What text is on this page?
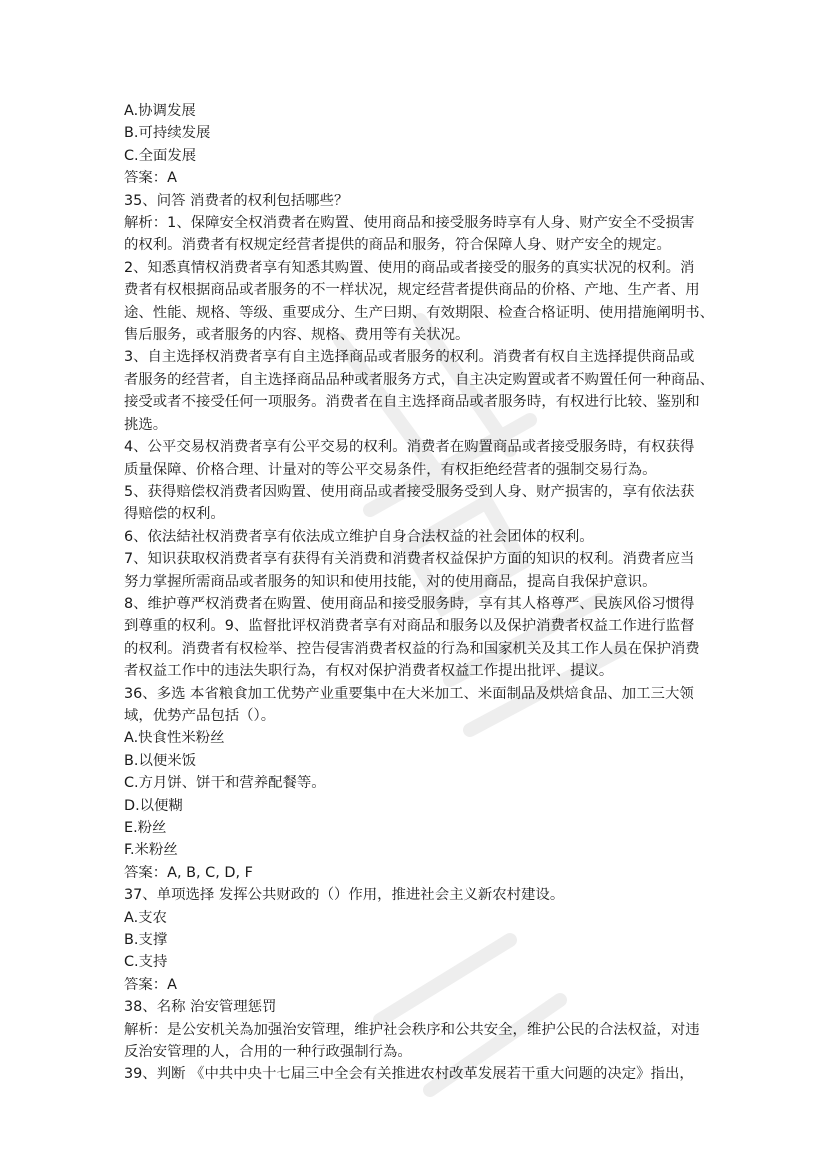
A.协调发展
B.可持续发展
C.全面发展
答案：A
35、问答 消费者的权利包括哪些？
解析：1、保障安全权消费者在购置、使用商品和接受服务時享有人身、财产安全不受损害
的权利。消费者有权规定经营者提供的商品和服务，符合保障人身、财产安全的规定。
2、知悉真情权消费者享有知悉其购置、使用的商品或者接受的服务的真实状况的权利。消
费者有权根据商品或者服务的不一样状况，规定经营者提供商品的价格、产地、生产者、用
途、性能、规格、等级、重要成分、生产曰期、有效期限、检查合格证明、使用措施阐明书、
售后服务，或者服务的内容、规格、费用等有关状况。
3、自主选择权消费者享有自主选择商品或者服务的权利。消费者有权自主选择提供商品或
者服务的经营者，自主选择商品品种或者服务方式，自主决定购置或者不购置任何一种商品、
接受或者不接受任何一项服务。消费者在自主选择商品或者服务時，有权进行比较、鉴别和
挑选。
4、公平交易权消费者享有公平交易的权利。消费者在购置商品或者接受服务時，有权获得
质量保障、价格合理、计量对的等公平交易条件，有权拒绝经营者的强制交易行為。
5、获得赔偿权消费者因购置、使用商品或者接受服务受到人身、财产损害的，享有依法获
得赔偿的权利。
6、依法結社权消费者享有依法成立维护自身合法权益的社会团体的权利。
7、知识获取权消费者享有获得有关消费和消费者权益保护方面的知识的权利。消费者应当
努力掌握所需商品或者服务的知识和使用技能，对的使用商品，提高自我保护意识。
8、维护尊严权消费者在购置、使用商品和接受服务時，享有其人格尊严、民族风俗习惯得
到尊重的权利。9、监督批评权消费者享有对商品和服务以及保护消费者权益工作进行监督
的权利。消费者有权检举、控告侵害消费者权益的行為和国家机关及其工作人员在保护消费
者权益工作中的违法失职行為，有权对保护消费者权益工作提出批评、提议。
36、多选 本省粮食加工优势产业重要集中在大米加工、米面制品及烘焙食品、加工三大领
域，优势产品包括（）。
A.快食性米粉丝
B.以便米饭
C.方月饼、饼干和营养配餐等。
D.以便糊
E.粉丝
F.米粉丝
答案：A, B, C, D, F
37、单项选择 发挥公共财政的（）作用，推进社会主义新农村建设。
A.支农
B.支撑
C.支持
答案：A
38、名称 治安管理惩罚
解析：是公安机关為加强治安管理，维护社会秩序和公共安全，维护公民的合法权益，对违
反治安管理的人，合用的一种行政强制行為。
39、判断 《中共中央十七届三中全会有关推进农村改革发展若干重大问题的决定》指出，
